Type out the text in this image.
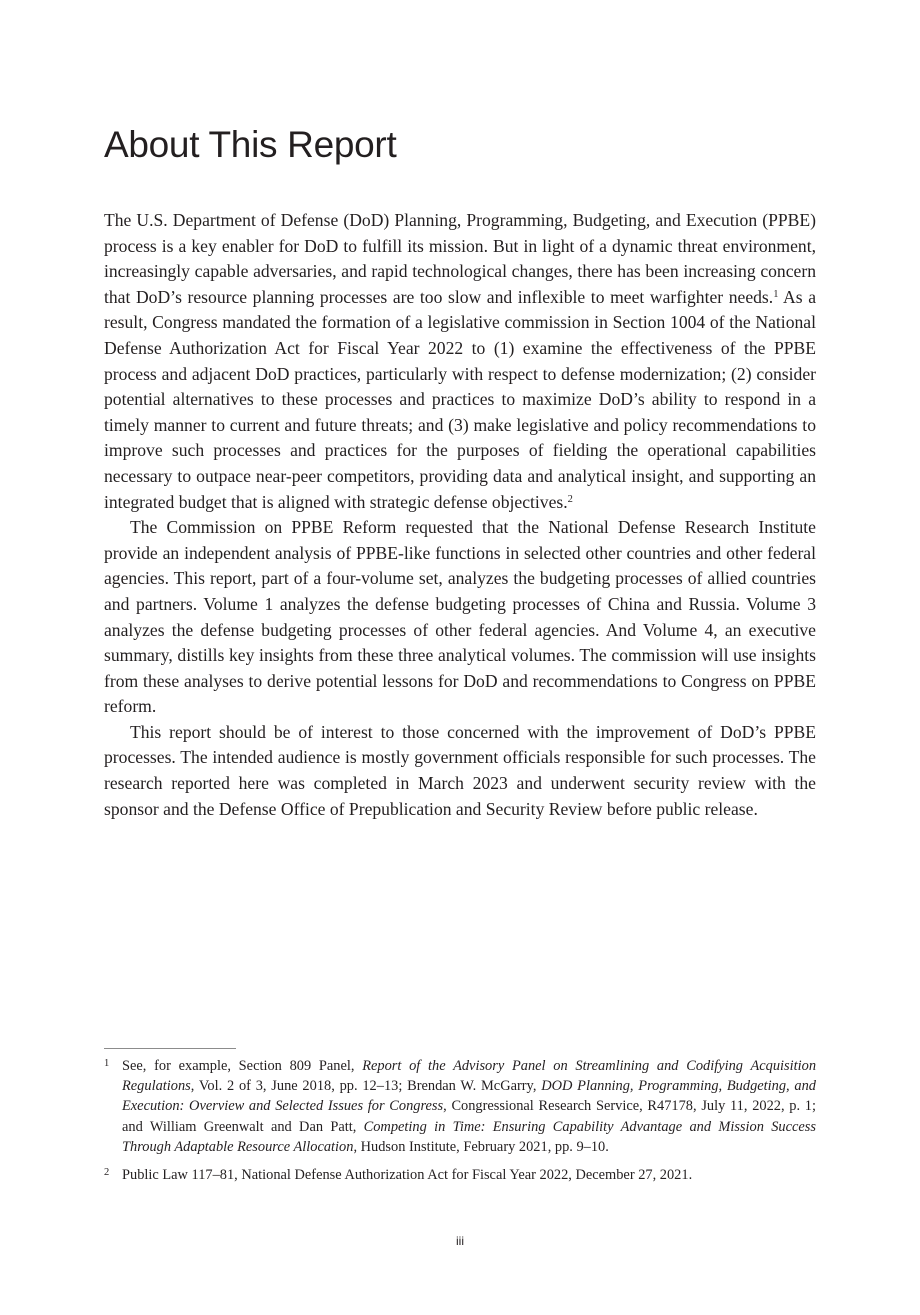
About This Report

The U.S. Department of Defense (DoD) Planning, Programming, Budgeting, and Execution (PPBE) process is a key enabler for DoD to fulfill its mission. But in light of a dynamic threat environment, increasingly capable adversaries, and rapid technological changes, there has been increasing concern that DoD’s resource planning processes are too slow and inflexible to meet warfighter needs.$^1$ As a result, Congress mandated the formation of a legislative commission in Section 1004 of the National Defense Authorization Act for Fiscal Year 2022 to (1) examine the effectiveness of the PPBE process and adjacent DoD practices, particularly with respect to defense modernization; (2) consider potential alternatives to these processes and practices to maximize DoD’s ability to respond in a timely manner to current and future threats; and (3) make legislative and policy recommendations to improve such processes and practices for the purposes of fielding the operational capabilities necessary to outpace near-peer competitors, providing data and analytical insight, and supporting an integrated budget that is aligned with strategic defense objectives.$^2$

The Commission on PPBE Reform requested that the National Defense Research Institute provide an independent analysis of PPBE-like functions in selected other countries and other federal agencies. This report, part of a four-volume set, analyzes the budgeting processes of allied countries and partners. Volume 1 analyzes the defense budgeting processes of China and Russia. Volume 3 analyzes the defense budgeting processes of other federal agencies. And Volume 4, an executive summary, distills key insights from these three analytical volumes. The commission will use insights from these analyses to derive potential lessons for DoD and recommendations to Congress on PPBE reform.

This report should be of interest to those concerned with the improvement of DoD’s PPBE processes. The intended audience is mostly government officials responsible for such processes. The research reported here was completed in March 2023 and underwent security review with the sponsor and the Defense Office of Prepublication and Security Review before public release.

1 See, for example, Section 809 Panel, Report of the Advisory Panel on Streamlining and Codifying Acquisition Regulations, Vol. 2 of 3, June 2018, pp. 12–13; Brendan W. McGarry, DOD Planning, Programming, Budgeting, and Execution: Overview and Selected Issues for Congress, Congressional Research Service, R47178, July 11, 2022, p. 1; and William Greenwalt and Dan Patt, Competing in Time: Ensuring Capability Advantage and Mission Success Through Adaptable Resource Allocation, Hudson Institute, February 2021, pp. 9–10.

2 Public Law 117–81, National Defense Authorization Act for Fiscal Year 2022, December 27, 2021.

iii
